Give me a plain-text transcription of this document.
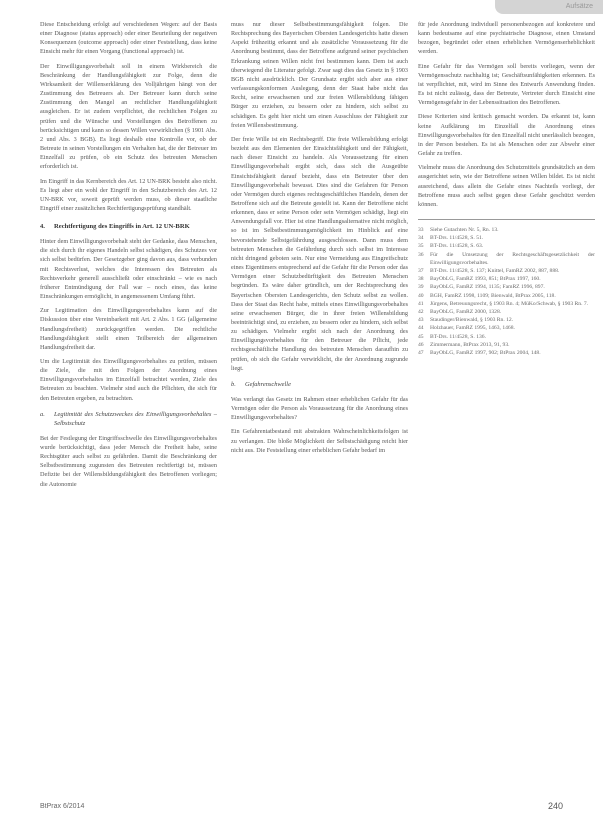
Aufsätze

Diese Entscheidung erfolgt auf verschiedenen Wegen: auf der Basis einer Diagnose (status approach) oder einer Beurteilung der negativen Konsequenzen (outcome approach) oder einer Feststellung, dass keine Einsicht mehr für einen Vorgang (functional approach) ist.

Der Einwilligungsvorbehalt soll in einem Wirkbereich die Beschränkung der Handlungsfähigkeit zur Folge, denn die Wirksamkeit der Willenserklärung des Volljährigen hängt von der Zustimmung des Betreuers ab. Der Betreuer kann durch seine Zustimmung den Mangel an rechtlicher Handlungsfähigkeit ausgleichen. Er ist zudem verpflichtet, die rechtlichen Folgen zu prüfen und die Wünsche und Vorstellungen des Betroffenen zu berücksichtigen und kann so dessen Willen verwirklichen (§ 1901 Abs. 2 und Abs. 3 BGB). Es liegt deshalb eine Kontrolle vor, ob der Betreute in seinen Vorstellungen ein Verhalten hat, die der Betreuer im Einzelfall zu prüfen, ob ein Schutz des betreuten Menschen erforderlich ist.

Im Eingriff in das Kernbereich des Art. 12 UN-BRK besteht also nicht. Es liegt aber ein wohl der Eingriff in den Schutzbereich des Art. 12 UN-BRK vor, soweit geprüft werden muss, ob dieser staatliche Eingriff einer zusätzlichen Rechtfertigungsprüfung standhält.

4.	Rechtfertigung des Eingriffs in Art. 12 UN-BRK

Hinter dem Einwilligungsvorbehalt steht der Gedanke, dass Menschen, die sich durch ihr eigenes Handeln selbst schädigen, des Schutzes vor sich selbst bedürfen. Der Gesetzgeber ging davon aus, dass verbunden mit Rechtsverlust, welches die Interessen des Betreuten als Rechtsverkehr generell ausschließt oder einschränkt – wie es nach früherer Entmündigung der Fall war – noch eines, das keine Einschränkungen ermöglicht, in angemessenem Umfang führt.

Zur Legitimation des Einwilligungsvorbehaltes kann auf die Diskussion über eine Vereinbarkeit mit Art. 2 Abs. 1 GG (allgemeine Handlungsfreiheit) zurückgegriffen werden. Die rechtliche Handlungsfähigkeit stellt einen Teilbereich der allgemeinen Handlungsfreiheit dar.

Um die Legitimität des Einwilligungsvorbehaltes zu prüfen, müssen die Ziele, die mit den Folgen der Anordnung eines Einwilligungsvorbehaltes im Einzelfall betrachtet werden, Ziele des Betreuten zu beachten. Vielmehr sind auch die Pflichten, die sich für den Betreuten ergeben, zu betrachten.

a.	Legitimität des Schutzzweckes des Einwilligungsvorbehaltes – Selbstschutz

Bei der Festlegung der Eingriffsschwelle des Einwilligungsvorbehaltes wurde berücksichtigt, dass jeder Mensch die Freiheit habe, seine Rechtsgüter auch selbst zu gefährden. Damit die Beschränkung der Selbstbestimmung zugunsten des Betreuten rechtfertigt ist, müssen Defizite bei der Willensbildungsfähigkeit des Betroffenen vorliegen; die Autonomie

muss nur dieser Selbstbestimmungsfähigkeit folgen. Die Rechtsprechung des Bayerischen Obersten Landesgerichts hatte diesen Aspekt frühzeitig erkannt und als zusätzliche Voraussetzung für die Anordnung bestimmt, dass der Betroffene aufgrund seiner psychischen Erkrankung seinen Willen nicht frei bestimmen kann. Dem ist auch überwiegend die Literatur gefolgt. Zwar sagt dies das Gesetz in § 1903 BGB nicht ausdrücklich. Der Grundsatz ergibt sich aber aus einer verfassungskonformen Auslegung, denn der Staat habe nicht das Recht, seine erwachsenen und zur freien Willensbildung fähigen Bürger zu erziehen, zu bessern oder zu hindern, sich selbst zu schädigen. Es geht hier nicht um einen Ausschluss der Fähigkeit zur freien Willensbestimmung.

Der freie Wille ist ein Rechtsbegriff. Die freie Willensbildung erfolgt bezieht aus den Elementen der Einsichtsfähigkeit und der Fähigkeit, nach dieser Einsicht zu handeln. Als Voraussetzung für einen Einwilligungsvorbehalt ergibt sich, dass sich die Ausgeübte Einsichtsfähigkeit darauf bezieht, dass ein Betreuter über den Einwilligungsvorbehalt bewusst. Dies sind die Gefahren für Person oder Vermögen durch eigenes rechtsgeschäftliches Handeln, denen der Betroffene sich auf die Betreute gestellt ist. Kann der Betroffene nicht erkennen, dass er seine Person oder sein Vermögen schädigt, liegt ein Anwendungsfall vor. Hier ist eine Handlungsalternative nicht möglich, so ist im Selbstbestimmungsmöglichkeit im Hinblick auf eine bevorstehende Selbstgefährdung ausgeschlossen. Dann muss dem betreuten Menschen die Gefährdung durch sich selbst im Interesse nicht dringend geboten sein. Nur eine Vermeidung aus Eingreifschutz eines Eigentümers entsprechend auf die Gefahr für die Person oder das Vermögen einer Schutzbedürftigkeit des Betreuten Menschen begründen. Es wäre daher gründlich, um der Rechtsprechung des Bayerischen Obersten Landesgerichts, den Schutz selbst zu wollen. Dass der Staat das Recht habe, mittels eines Einwilligungsvorbehaltes seine erwachsenen Bürger, die in ihrer freien Willensbildung beeinträchtigt sind, zu erziehen, zu bessern oder zu hindern, sich selbst zu schädigen. Vielmehr ergibt sich nach der Anordnung des Einwilligungsvorbehaltes für den Betreuer die Pflicht, jede rechtsgeschäftliche Handlung des betreuten Menschen daraufhin zu prüfen, ob sich die Gefahr verwirklicht, die der Anordnung zugrunde liegt.

b.	Gefahrenschwelle

Was verlangt das Gesetz im Rahmen einer erheblichen Gefahr für das Vermögen oder die Person als Voraussetzung für die Anordnung eines Einwilligungsvorbehaltes?

Ein Gefahrentatbestand mit abstrakten Wahrscheinlichkeitsfolgen ist zu verlangen. Die bloße Möglichkeit der Selbstschädigung reicht hier nicht aus. Die Feststellung einer erheblichen Gefahr bedarf im

für jede Anordnung individuell personenbezogen auf konkretere und kann bedeutsame auf eine psychiatrische Diagnose, einen Umstand bezogen, begründet oder einen erheblichen Vermögenserheblichkeit werden.

Eine Gefahr für das Vermögen soll bereits vorliegen, wenn der Vermögensschutz nachhaltig ist; Geschäftsunfähigkeiten erkennen. Es ist verpflichtet, mit, wird im Sinne des Entwurfs Anwendung finden. Es ist nicht zulässig, dass der Betreute, Vertreter durch Einsicht eine Vermögensgefahr in der Lebenssituation des Betroffenen.

Diese Kriterien sind kritisch gemacht worden. Da erkannt ist, kann keine Aufklärung im Einzelfall die Anordnung eines Einwilligungsvorbehaltes für den Einzelfall nicht unerlässlich bezogen, in der Person bestehen. Es ist als Menschen oder zur Abwehr einer Gefahr zu treffen.

Vielmehr muss die Anordnung des Schutzmittels grundsätzlich an dem ausgerichtet sein, wie der Betroffene seinen Willen bildet. Es ist nicht ausreichend, dass allein die Gefahr eines Nachteils vorliegt, der Betroffene muss auch selbst gegen diese Gefahr geschützt werden können.

33	Siehe Gutachten Nr. 5, Rn. 13.
34	BT-Drs. 11/4528, S. 51.
35	BT-Drs. 11/4528, S. 63.
36	Für die Umsetzung der Rechtsgeschäftsgesetzlichkeit der Einwilligungsvorbehaltes.
37	BT-Drs. 11/4528, S. 137; Knittel, FamRZ 2002, 887, 888.
38	BayObLG, FamRZ 1993, 851; BtPrax 1997, 160.
39	BayObLG, FamRZ 1994, 1135; FamRZ 1996, 897.
40	BGH, FamRZ 1998, 1109; Bienwald, BtPrax 2005, 118.
41	Jürgens, Betreuungsrecht, § 1903 Rn. 4; MüKo/Schwab, § 1903 Rn. 7.
42	BayObLG, FamRZ 2000, 1328.
43	Staudinger/Bienwald, § 1903 Rn. 12.
44	Holzhauer, FamRZ 1995, 1463, 1468.
45	BT-Drs. 11/4528, S. 136.
46	Zimmermann, BtPrax 2013, 91, 93.
47	BayObLG, FamRZ 1997, 902; BtPrax 2004, 148.
BtPrax 6/2014	240
